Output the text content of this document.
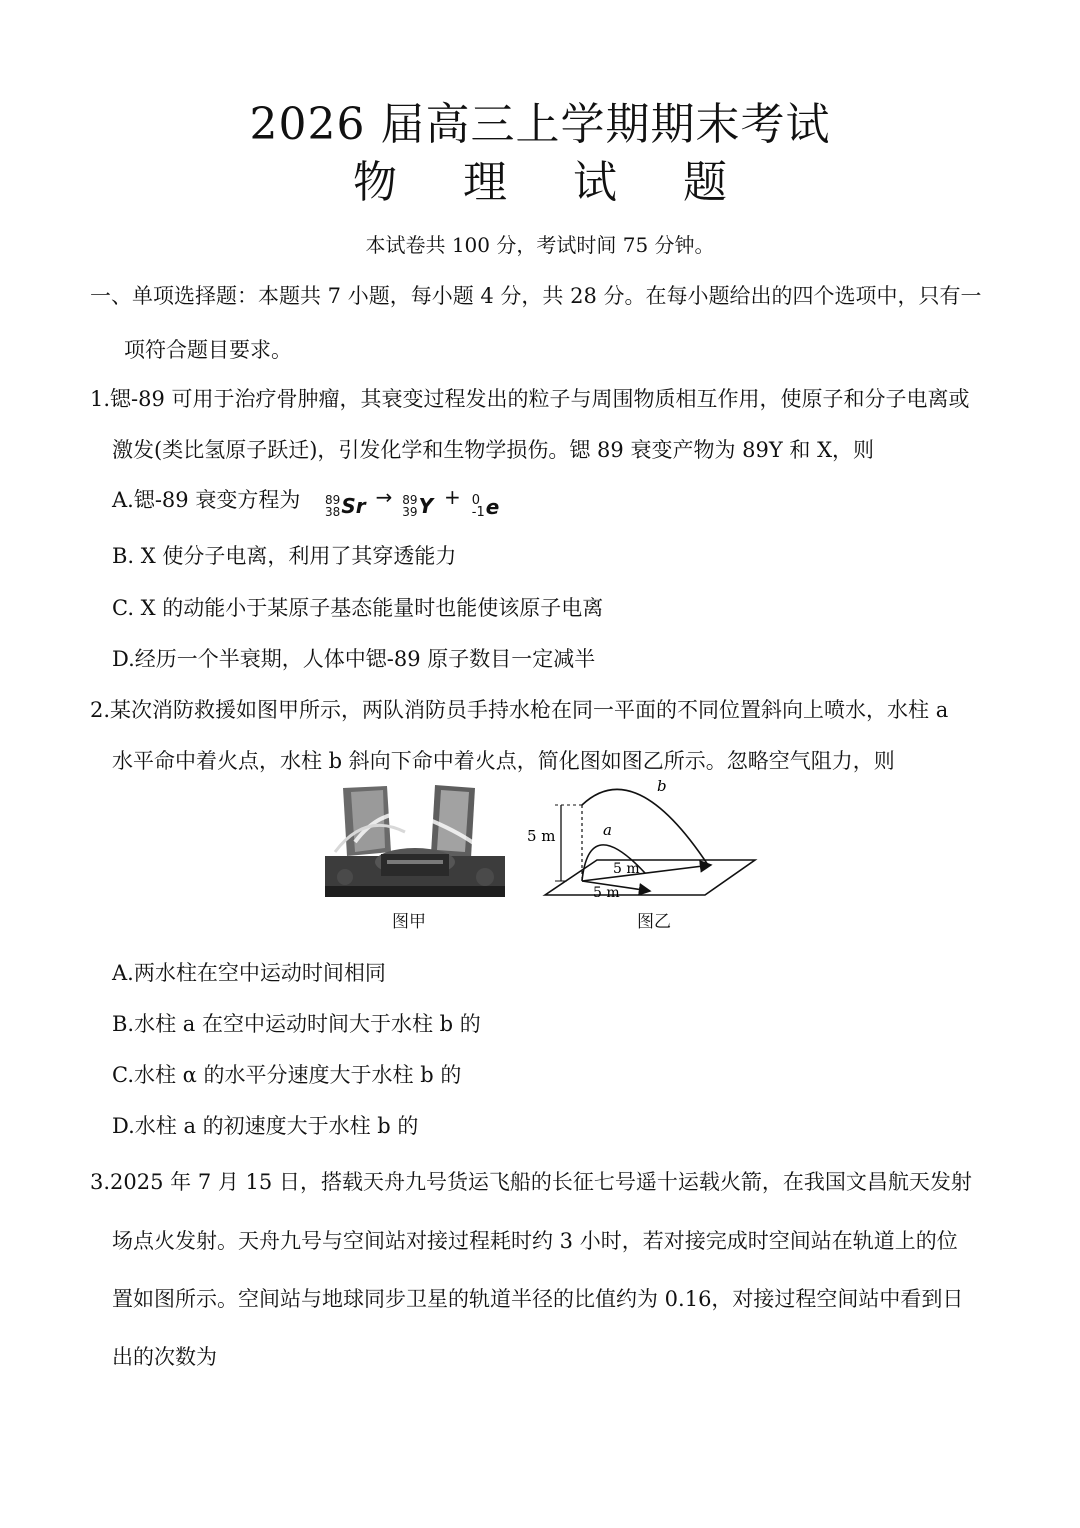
2026 届高三上学期期末考试
物 理 试 题
本试卷共 100 分，考试时间 75 分钟。
一、单项选择题：本题共 7 小题，每小题 4 分，共 28 分。在每小题给出的四个选项中，只有一
项符合题目要求。
1.锶-89 可用于治疗骨肿瘤，其衰变过程发出的粒子与周围物质相互作用，使原子和分子电离或
激发(类比氢原子跃迁)，引发化学和生物学损伤。锶 89 衰变产物为 89Y 和 X，则
A.锶-89 衰变方程为 89
38 Sr → 89
39 Y + 0
-1 e
B. X 使分子电离，利用了其穿透能力
C. X 的动能小于某原子基态能量时也能使该原子电离
D.经历一个半衰期，人体中锶-89 原子数目一定减半
2.某次消防救援如图甲所示，两队消防员手持水枪在同一平面的不同位置斜向上喷水，水柱 a
水平命中着火点，水柱 b 斜向下命中着火点，简化图如图乙所示。忽略空气阻力，则
图甲
5 m
5 m
5 m
a
b
图乙
A.两水柱在空中运动时间相同
B.水柱 a 在空中运动时间大于水柱 b 的
C.水柱 α 的水平分速度大于水柱 b 的
D.水柱 a 的初速度大于水柱 b 的
3.2025 年 7 月 15 日，搭载天舟九号货运飞船的长征七号遥十运载火箭，在我国文昌航天发射
场点火发射。天舟九号与空间站对接过程耗时约 3 小时，若对接完成时空间站在轨道上的位
置如图所示。空间站与地球同步卫星的轨道半径的比值约为 0.16，对接过程空间站中看到日
出的次数为
